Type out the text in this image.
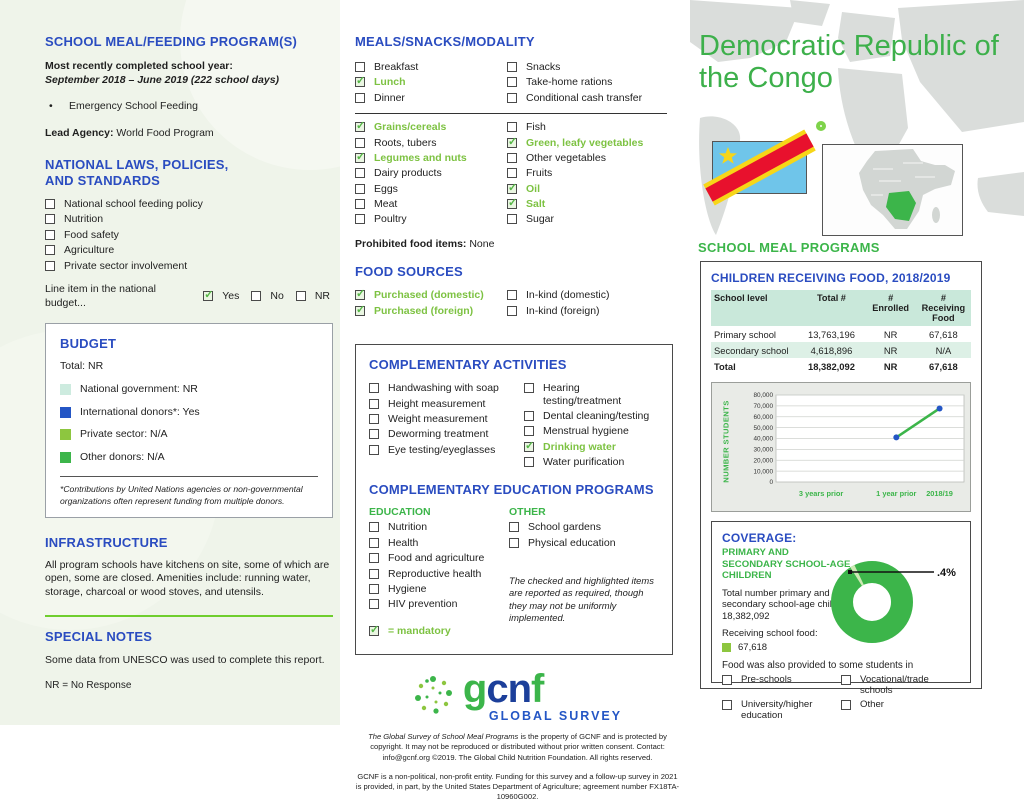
SCHOOL MEAL/FEEDING PROGRAM(S)
Most recently completed school year:
September 2018 – June 2019 (222 school days)
•	Emergency School Feeding
Lead Agency: World Food Program
NATIONAL LAWS, POLICIES, AND STANDARDS
National school feeding policy
Nutrition
Food safety
Agriculture
Private sector involvement
Line item in the national budget...
✓ Yes	No	NR
BUDGET
Total: NR
National government: NR
International donors*: Yes
Private sector: N/A
Other donors: N/A
*Contributions by United Nations agencies or non-governmental organizations often represent funding from multiple donors.
INFRASTRUCTURE
All program schools have kitchens on site, some of which are open, some are closed. Amenities include: running water, storage, charcoal or wood stoves, and utensils.
SPECIAL NOTES
Some data from UNESCO was used to complete this report.
NR = No Response
MEALS/SNACKS/MODALITY
Breakfast
✓ Lunch
Dinner
Snacks
Take-home rations
Conditional cash transfer
✓ Grains/cereals
Roots, tubers
✓ Legumes and nuts
Dairy products
Eggs
Meat
Poultry
Fish
✓ Green, leafy vegetables
Other vegetables
Fruits
✓ Oil
✓ Salt
Sugar
Prohibited food items: None
FOOD SOURCES
✓ Purchased (domestic)
✓ Purchased (foreign)
In-kind (domestic)
In-kind (foreign)
COMPLEMENTARY ACTIVITIES
Handwashing with soap
Height measurement
Weight measurement
Deworming treatment
Eye testing/eyeglasses
Hearing testing/treatment
Dental cleaning/testing
Menstrual hygiene
✓ Drinking water
Water purification
COMPLEMENTARY EDUCATION PROGRAMS
EDUCATION
Nutrition
Health
Food and agriculture
Reproductive health
Hygiene
HIV prevention
✓ = mandatory
OTHER
School gardens
Physical education
The checked and highlighted items are reported as required, though they may not be uniformly implemented.
gcnf
GLOBAL SURVEY
The Global Survey of School Meal Programs is the property of GCNF and is protected by copyright. It may not be reproduced or distributed without prior written consent. Contact: info@gcnf.org ©2019. The Global Child Nutrition Foundation. All rights reserved.
GCNF is a non-political, non-profit entity. Funding for this survey and a follow-up survey in 2021 is provided, in part, by the United States Department of Agriculture; agreement number FX18TA-10960G002.
Democratic Republic of the Congo
SCHOOL MEAL PROGRAMS
CHILDREN RECEIVING FOOD, 2018/2019
School level	Total #	# Enrolled	# Receiving Food
Primary school	13,763,196	NR	67,618
Secondary school	4,618,896	NR	N/A
Total	18,382,092	NR	67,618
NUMBER STUDENTS
0
10,000
20,000
30,000
40,000
50,000
60,000
70,000
80,000
3 years prior	1 year prior 2018/19
COVERAGE:
PRIMARY AND SECONDARY SCHOOL-AGE CHILDREN
Total number primary and secondary school-age children: 18,382,092
Receiving school food:
67,618
.4%
Food was also provided to some students in
Pre-schools	Vocational/trade schools
University/higher education
Other
